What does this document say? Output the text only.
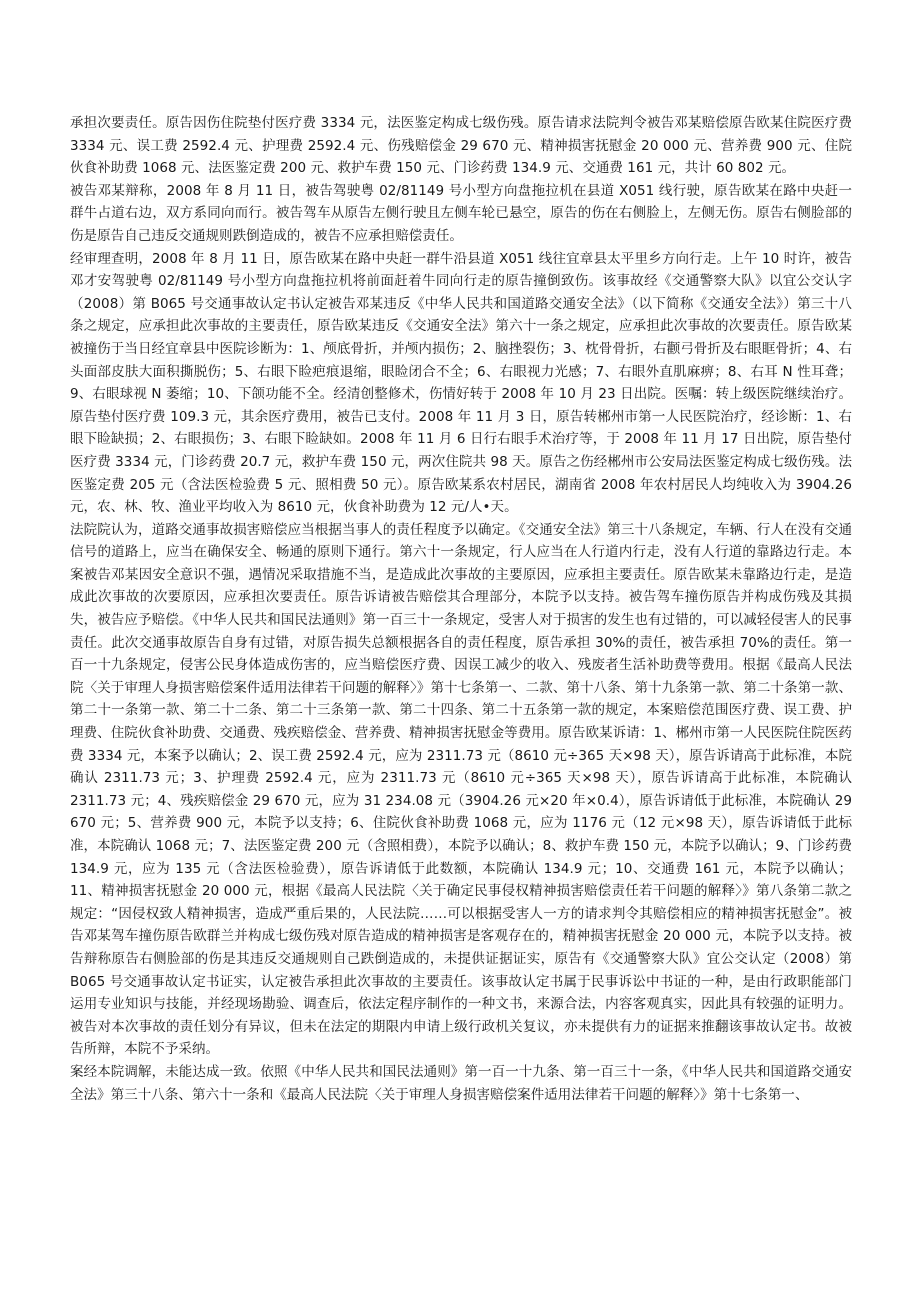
承担次要责任。原告因伤住院垫付医疗费 3334 元，法医鉴定构成七级伤残。原告请求法院判令被告邓某赔偿原告欧某住院医疗费 3334 元、误工费 2592.4 元、护理费 2592.4 元、伤残赔偿金 29 670 元、精神损害抚慰金 20 000 元、营养费 900 元、住院伙食补助费 1068 元、法医鉴定费 200 元、救护车费 150 元、门诊药费 134.9 元、交通费 161 元，共计 60 802 元。

被告邓某辩称，2008 年 8 月 11 日，被告驾驶粤 02/81149 号小型方向盘拖拉机在县道 X051 线行驶，原告欧某在路中央赶一群牛占道右边，双方系同向而行。被告驾车从原告左侧行驶且左侧车轮已悬空，原告的伤在右侧脸上，左侧无伤。原告右侧脸部的伤是原告自己违反交通规则跌倒造成的，被告不应承担赔偿责任。

经审理查明，2008 年 8 月 11 日，原告欧某在路中央赶一群牛沿县道 X051 线往宜章县太平里乡方向行走。上午 10 时许，被告邓才安驾驶粤 02/81149 号小型方向盘拖拉机将前面赶着牛同向行走的原告撞倒致伤。该事故经《交通警察大队》以宜公交认字（2008）第 B065 号交通事故认定书认定被告邓某违反《中华人民共和国道路交通安全法》（以下简称《交通安全法》）第三十八条之规定，应承担此次事故的主要责任，原告欧某违反《交通安全法》第六十一条之规定，应承担此次事故的次要责任。原告欧某被撞伤于当日经宜章县中医院诊断为：1、颅底骨折，并颅内损伤；2、脑挫裂伤；3、枕骨骨折，右颧弓骨折及右眼眶骨折；4、右头面部皮肤大面积撕脱伤；5、右眼下睑疤痕退缩，眼睑闭合不全；6、右眼视力光感；7、右眼外直肌麻痹；8、右耳 N 性耳聋；9、右眼球视 N 萎缩；10、下颌功能不全。经清创整修术，伤情好转于 2008 年 10 月 23 日出院。医嘱：转上级医院继续治疗。原告垫付医疗费 109.3 元，其余医疗费用，被告已支付。2008 年 11 月 3 日，原告转郴州市第一人民医院治疗，经诊断：1、右眼下睑缺损；2、右眼损伤；3、右眼下睑缺如。2008 年 11 月 6 日行右眼手术治疗等，于 2008 年 11 月 17 日出院，原告垫付医疗费 3334 元，门诊药费 20.7 元，救护车费 150 元，两次住院共 98 天。原告之伤经郴州市公安局法医鉴定构成七级伤残。法医鉴定费 205 元（含法医检验费 5 元、照相费 50 元）。原告欧某系农村居民，湖南省 2008 年农村居民人均纯收入为 3904.26 元，农、林、牧、渔业平均收入为 8610 元，伙食补助费为 12 元/人•天。

法院院认为，道路交通事故损害赔偿应当根据当事人的责任程度予以确定。《交通安全法》第三十八条规定，车辆、行人在没有交通信号的道路上，应当在确保安全、畅通的原则下通行。第六十一条规定，行人应当在人行道内行走，没有人行道的靠路边行走。本案被告邓某因安全意识不强，遇情况采取措施不当，是造成此次事故的主要原因，应承担主要责任。原告欧某未靠路边行走，是造成此次事故的次要原因，应承担次要责任。原告诉请被告赔偿其合理部分，本院予以支持。被告驾车撞伤原告并构成伤残及其损失，被告应予赔偿。《中华人民共和国民法通则》第一百三十一条规定，受害人对于损害的发生也有过错的，可以减轻侵害人的民事责任。此次交通事故原告自身有过错，对原告损失总额根据各自的责任程度，原告承担 30%的责任，被告承担 70%的责任。第一百一十九条规定，侵害公民身体造成伤害的，应当赔偿医疗费、因误工减少的收入、残废者生活补助费等费用。根据《最高人民法院〈关于审理人身损害赔偿案件适用法律若干问题的解释〉》第十七条第一、二款、第十八条、第十九条第一款、第二十条第一款、第二十一条第一款、第二十二条、第二十三条第一款、第二十四条、第二十五条第一款的规定，本案赔偿范围医疗费、误工费、护理费、住院伙食补助费、交通费、残疾赔偿金、营养费、精神损害抚慰金等费用。原告欧某诉请：1、郴州市第一人民医院住院医药费 3334 元，本案予以确认；2、误工费 2592.4 元，应为 2311.73 元（8610 元÷365 天×98 天），原告诉请高于此标准，本院确认 2311.73 元；3、护理费 2592.4 元，应为 2311.73 元（8610 元÷365 天×98 天），原告诉请高于此标准，本院确认 2311.73 元；4、残疾赔偿金 29 670 元，应为 31 234.08 元（3904.26 元×20 年×0.4），原告诉请低于此标准，本院确认 29 670 元；5、营养费 900 元，本院予以支持；6、住院伙食补助费 1068 元，应为 1176 元（12 元×98 天），原告诉请低于此标准，本院确认 1068 元；7、法医鉴定费 200 元（含照相费），本院予以确认；8、救护车费 150 元，本院予以确认；9、门诊药费 134.9 元，应为 135 元（含法医检验费），原告诉请低于此数额，本院确认 134.9 元；10、交通费 161 元，本院予以确认；11、精神损害抚慰金 20 000 元，根据《最高人民法院〈关于确定民事侵权精神损害赔偿责任若干问题的解释〉》第八条第二款之规定：“因侵权致人精神损害，造成严重后果的，人民法院……可以根据受害人一方的请求判令其赔偿相应的精神损害抚慰金”。被告邓某驾车撞伤原告欧群兰并构成七级伤残对原告造成的精神损害是客观存在的，精神损害抚慰金 20 000 元，本院予以支持。被告辩称原告右侧脸部的伤是其违反交通规则自己跌倒造成的，未提供证据证实，原告有《交通警察大队》宜公交认定（2008）第 B065 号交通事故认定书证实，认定被告承担此次事故的主要责任。该事故认定书属于民事诉讼中书证的一种，是由行政职能部门运用专业知识与技能，并经现场勘验、调查后，依法定程序制作的一种文书，来源合法，内容客观真实，因此具有较强的证明力。被告对本次事故的责任划分有异议，但未在法定的期限内申请上级行政机关复议，亦未提供有力的证据来推翻该事故认定书。故被告所辩，本院不予采纳。

案经本院调解，未能达成一致。依照《中华人民共和国民法通则》第一百一十九条、第一百三十一条，《中华人民共和国道路交通安全法》第三十八条、第六十一条和《最高人民法院〈关于审理人身损害赔偿案件适用法律若干问题的解释〉》第十七条第一、
